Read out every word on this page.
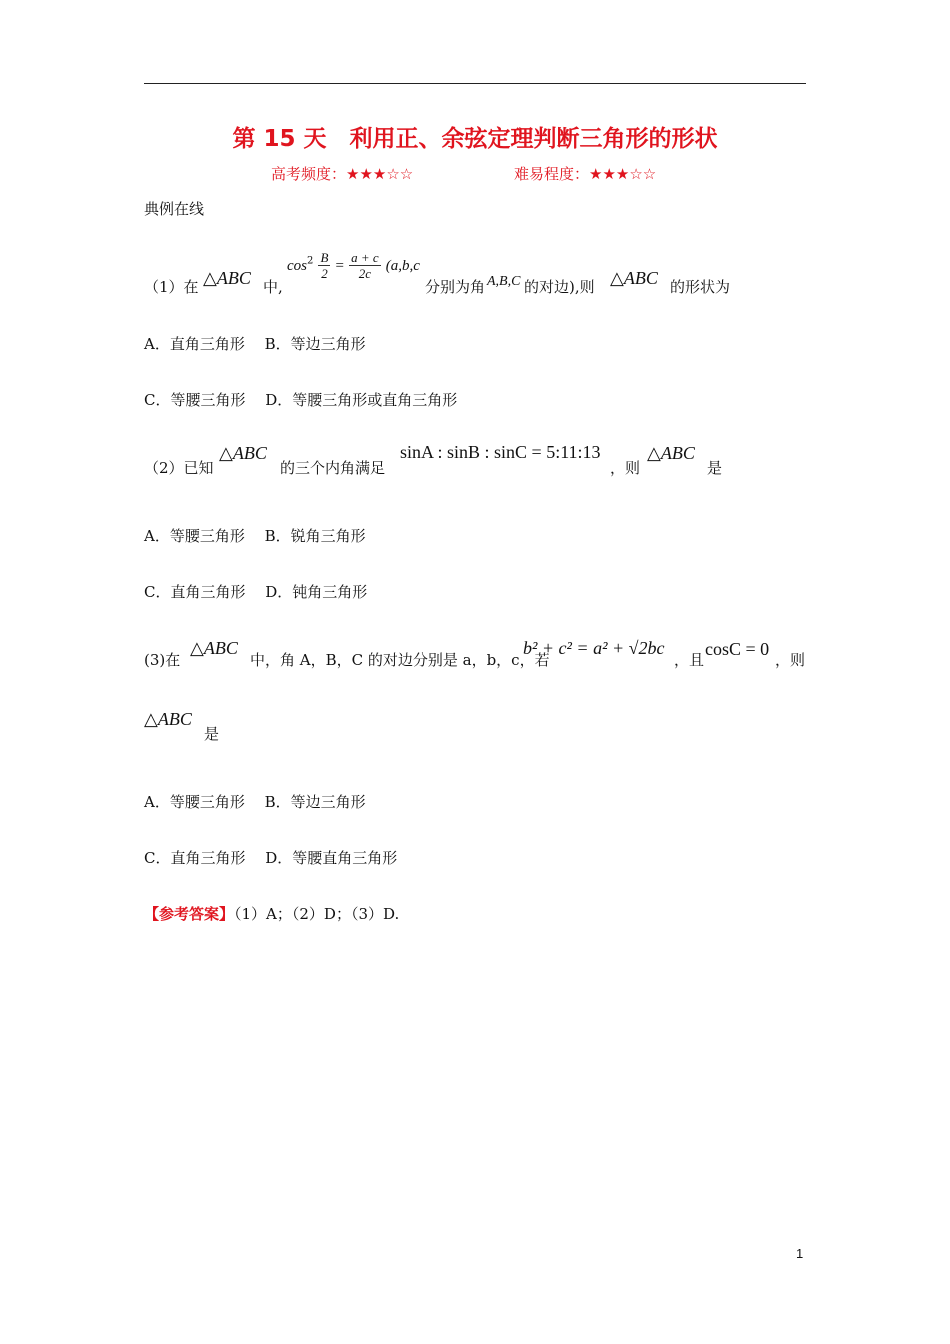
第 15 天　利用正、余弦定理判断三角形的形状
高考频度：★★★☆☆	难易程度：★★★☆☆
典例在线
（1）在 △ABC 中,
$\cos^2 \frac{B}{2} = \frac{a + c}{2c} (a,b,c$
分别为角 A,B,C 的对边),则 △ABC 的形状为
A．直角三角形　 B．等边三角形
C．等腰三角形　 D．等腰三角形或直角三角形
（2）已知
△ABC
的三个内角满足
sinA : sinB : sinC = 5:11:13
，则
△ABC
是
A．等腰三角形　 B．锐角三角形
C．直角三角形　 D．钝角三角形
(3)在
△ABC
中，角 A，B，C 的对边分别是 a，b，c，若
b² + c² = a² + √2bc
，且
cosC = 0
，则
△ABC
是
A．等腰三角形　 B．等边三角形
C．直角三角形　 D．等腰直角三角形
【参考答案】（1）A；（2）D；（3）D.
1
